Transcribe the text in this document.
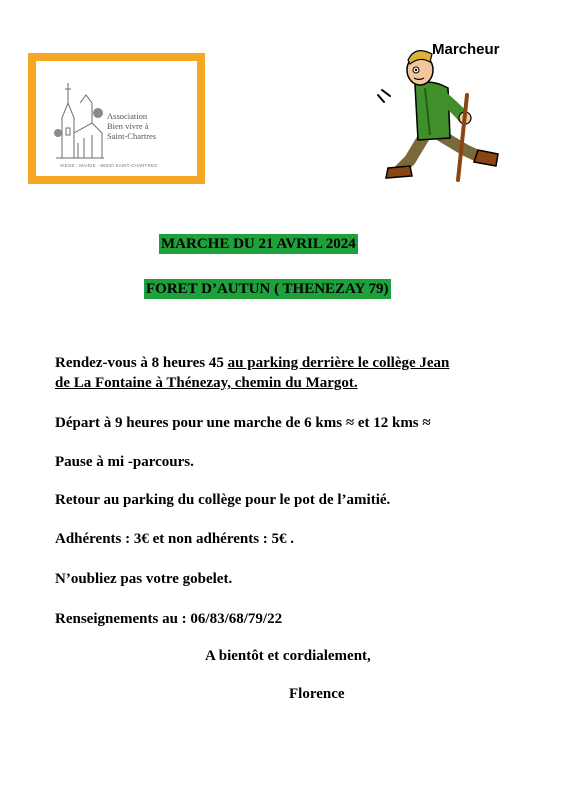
Association
Bien vivre à
Saint-Chartres
SIEGE : MAIRIE - 86330 SAINT-CHARTRES
Marcheur
MARCHE DU 21 AVRIL 2024
FORET D’AUTUN ( THENEZAY 79)
Rendez-vous à 8 heures 45 au parking derrière le collège Jean
de La Fontaine à Thénezay, chemin du Margot.
Départ à 9 heures pour une marche de 6 kms ≈ et 12 kms ≈
Pause à mi -parcours.
Retour au parking du collège pour le pot de l’amitié.
Adhérents : 3€ et non adhérents : 5€ .
N’oubliez pas votre gobelet.
Renseignements au : 06/83/68/79/22
A bientôt et cordialement,
Florence
